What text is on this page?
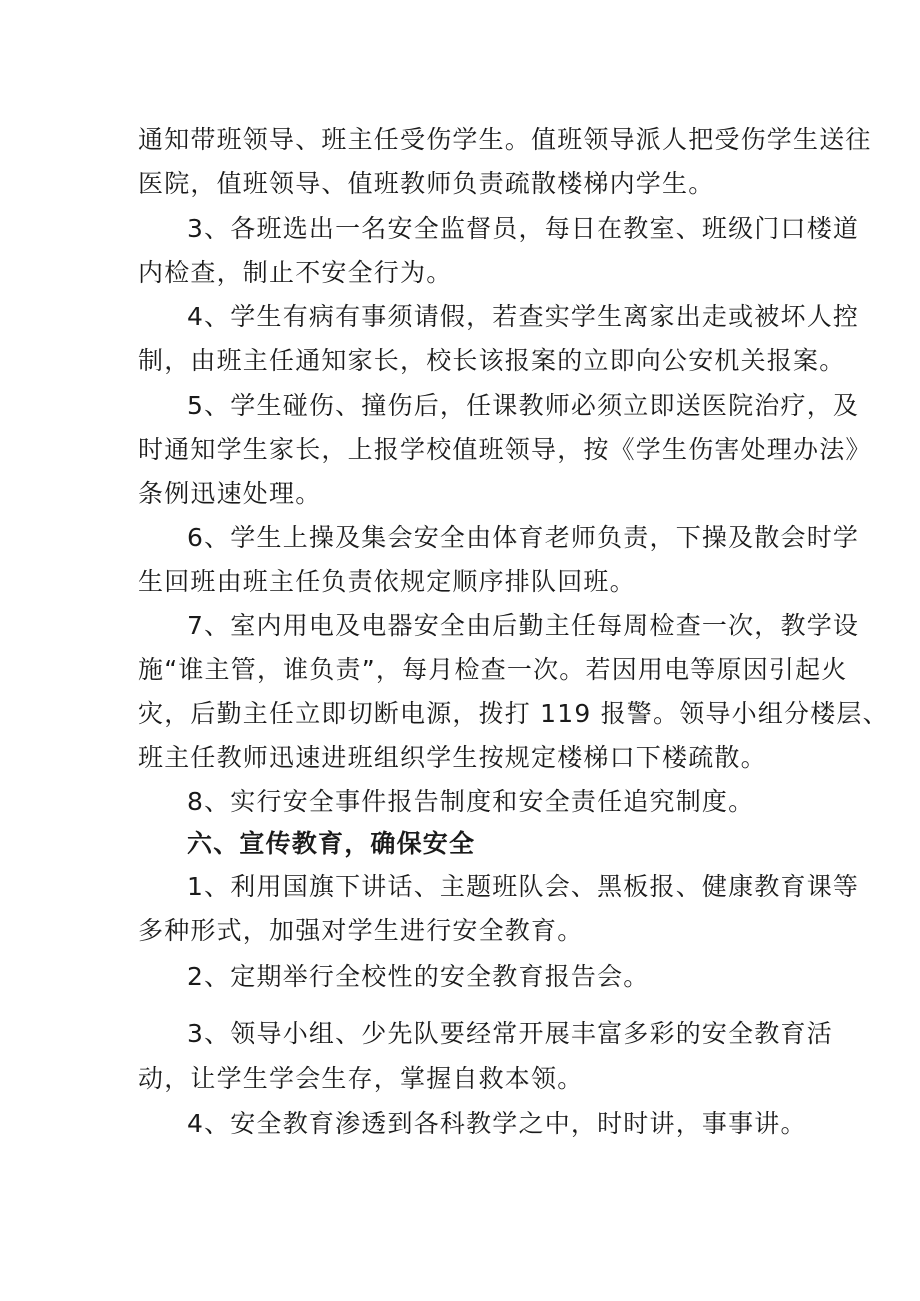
通知带班领导、班主任受伤学生。值班领导派人把受伤学生送往
医院，值班领导、值班教师负责疏散楼梯内学生。
3、各班选出一名安全监督员，每日在教室、班级门口楼道
内检查，制止不安全行为。
4、学生有病有事须请假，若查实学生离家出走或被坏人控
制，由班主任通知家长，校长该报案的立即向公安机关报案。
5、学生碰伤、撞伤后，任课教师必须立即送医院治疗，及
时通知学生家长，上报学校值班领导，按《学生伤害处理办法》
条例迅速处理。
6、学生上操及集会安全由体育老师负责，下操及散会时学
生回班由班主任负责依规定顺序排队回班。
7、室内用电及电器安全由后勤主任每周检查一次，教学设
施“谁主管，谁负责”，每月检查一次。若因用电等原因引起火
灾，后勤主任立即切断电源，拨打 119 报警。领导小组分楼层、
班主任教师迅速进班组织学生按规定楼梯口下楼疏散。
8、实行安全事件报告制度和安全责任追究制度。
六、宣传教育，确保安全
1、利用国旗下讲话、主题班队会、黑板报、健康教育课等
多种形式，加强对学生进行安全教育。
2、定期举行全校性的安全教育报告会。
3、领导小组、少先队要经常开展丰富多彩的安全教育活
动，让学生学会生存，掌握自救本领。
4、安全教育渗透到各科教学之中，时时讲，事事讲。
